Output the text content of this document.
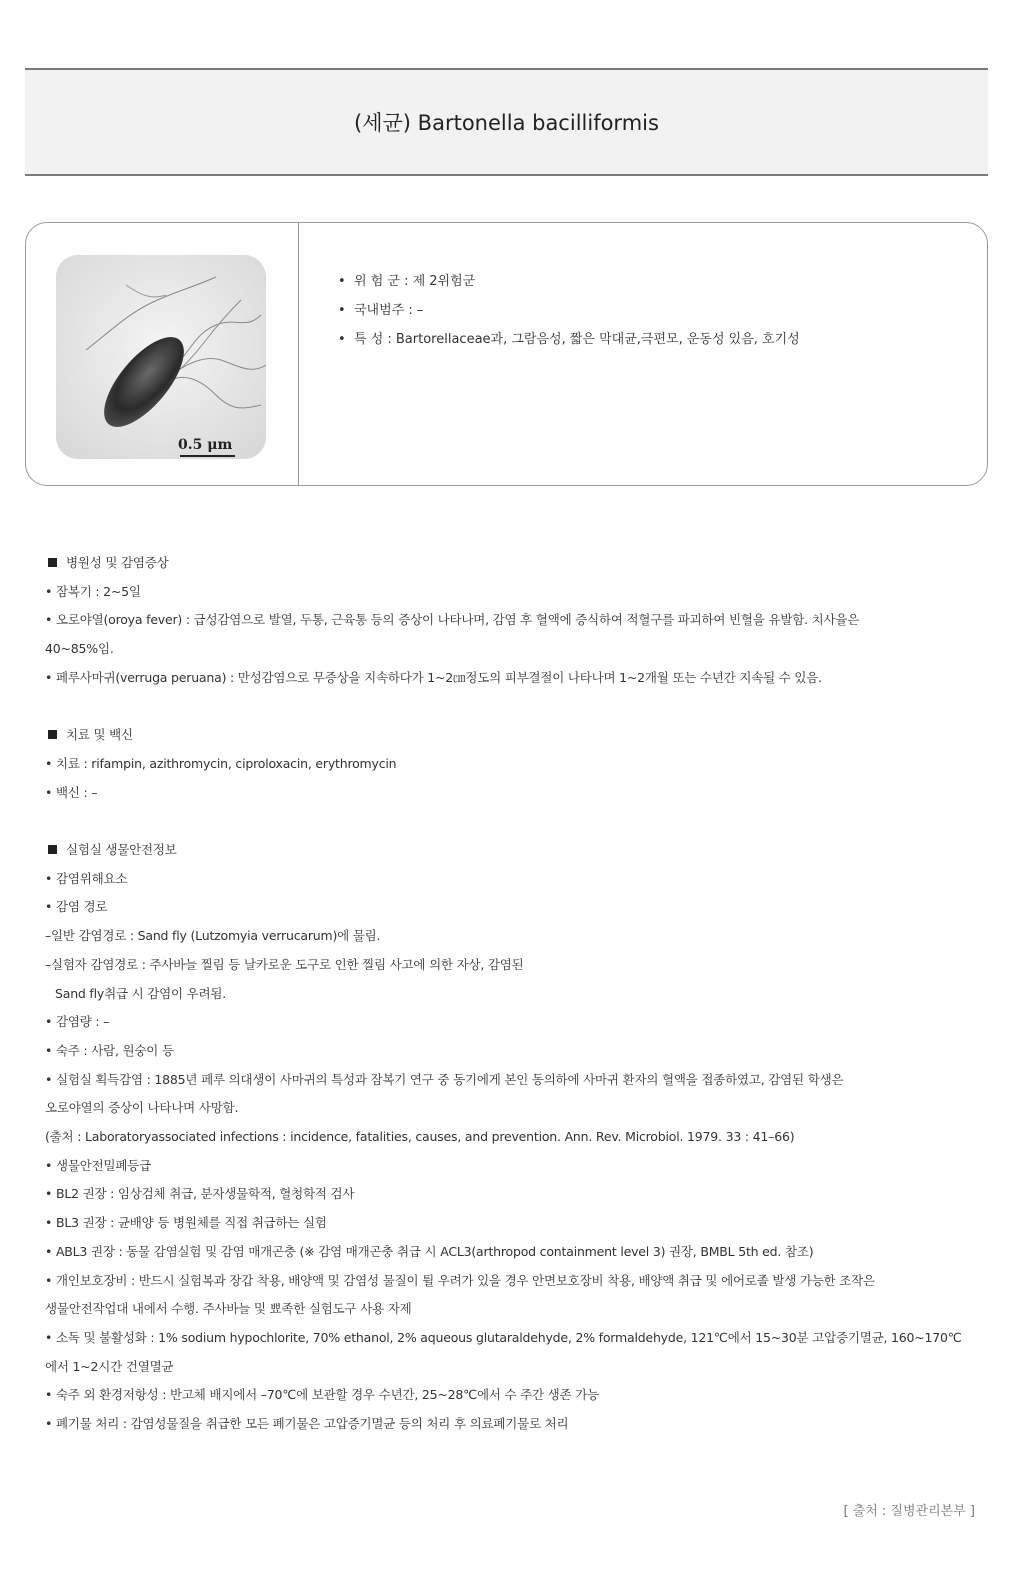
(세균) Bartonella bacilliformis
0.5 μm
• 위 험 군 : 제 2위험군
• 국내범주 : –
• 특 성 : Bartorellaceae과, 그람음성, 짧은 막대균,극편모, 운동성 있음, 호기성
병원성 및 감염증상
• 잠복기 : 2~5일
• 오로야열(oroya fever) : 급성감염으로 발열, 두통, 근육통 등의 증상이 나타나며, 감염 후 혈액에 증식하여 적혈구를 파괴하여 빈혈을 유발함. 치사율은
40~85%임.
• 페루사마귀(verruga peruana) : 만성감염으로 무증상을 지속하다가 1~2㎝정도의 피부결절이 나타나며 1~2개월 또는 수년간 지속될 수 있음.
치료 및 백신
• 치료 : rifampin, azithromycin, ciproloxacin, erythromycin
• 백신 : –
실험실 생물안전정보
• 감염위해요소
• 감염 경로
–일반 감염경로 : Sand fly (Lutzomyia verrucarum)에 물림.
–실험자 감염경로 : 주사바늘 찔림 등 날카로운 도구로 인한 찔림 사고에 의한 자상, 감염된
Sand fly취급 시 감염이 우려됨.
• 감염량 : –
• 숙주 : 사람, 원숭이 등
• 실험실 획득감염 : 1885년 페루 의대생이 사마귀의 특성과 잠복기 연구 중 동기에게 본인 동의하에 사마귀 환자의 혈액을 접종하였고, 감염된 학생은
오로야열의 증상이 나타나며 사망함.
(출처 : Laboratoryassociated infections : incidence, fatalities, causes, and prevention. Ann. Rev. Microbiol. 1979. 33 : 41–66)
• 생물안전밀폐등급
• BL2 권장 : 임상검체 취급, 분자생물학적, 혈청학적 검사
• BL3 권장 : 균배양 등 병원체를 직접 취급하는 실험
• ABL3 권장 : 동물 감염실험 및 감염 매개곤충 (※ 감염 매개곤충 취급 시 ACL3(arthropod containment level 3) 권장, BMBL 5th ed. 참조)
• 개인보호장비 : 반드시 실험복과 장갑 착용, 배양액 및 감염성 물질이 튈 우려가 있을 경우 안면보호장비 착용, 배양액 취급 및 에어로졸 발생 가능한 조작은
생물안전작업대 내에서 수행. 주사바늘 및 뾰족한 실험도구 사용 자제
• 소독 및 불활성화 : 1% sodium hypochlorite, 70% ethanol, 2% aqueous glutaraldehyde, 2% formaldehyde, 121℃에서 15~30분 고압증기멸균, 160~170℃
에서 1~2시간 건열멸균
• 숙주 외 환경저항성 : 반고체 배지에서 –70℃에 보관할 경우 수년간, 25~28℃에서 수 주간 생존 가능
• 폐기물 처리 : 감염성물질을 취급한 모든 폐기물은 고압증기멸균 등의 처리 후 의료폐기물로 처리
[ 출처 : 질병관리본부 ]
